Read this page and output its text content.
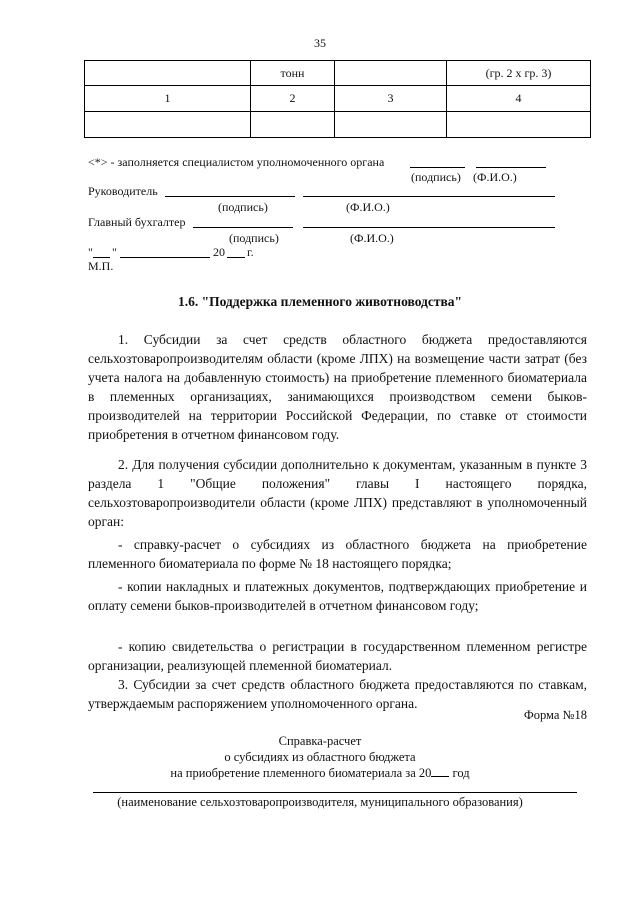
35
	тонн		(гр. 2 х гр. 3)
1	2	3	4

<*> - заполняется специалистом уполномоченного органа
(подпись) (Ф.И.О.)
Руководитель
(подпись)	(Ф.И.О.)
Главный бухгалтер
(подпись)	(Ф.И.О.)
" "	20 г.
М.П.
1.6. "Поддержка племенного животноводства"
1. Субсидии за счет средств областного бюджета предоставляются сельхозтоваропроизводителям области (кроме ЛПХ) на возмещение части затрат (без учета налога на добавленную стоимость) на приобретение племенного биоматериала в племенных организациях, занимающихся производством семени быков-производителей на территории Российской Федерации, по ставке от стоимости приобретения в отчетном финансовом году.
2. Для получения субсидии дополнительно к документам, указанным в пункте 3 раздела 1 "Общие положения" главы I настоящего порядка, сельхозтоваропроизводители области (кроме ЛПХ) представляют в уполномоченный орган:
- справку-расчет о субсидиях из областного бюджета на приобретение племенного биоматериала по форме № 18 настоящего порядка;
- копии накладных и платежных документов, подтверждающих приобретение и оплату семени быков-производителей в отчетном финансовом году;
- копию свидетельства о регистрации в государственном племенном регистре организации, реализующей племенной биоматериал.
3. Субсидии за счет средств областного бюджета предоставляются по ставкам, утверждаемым распоряжением уполномоченного органа.
Форма №18
Справка-расчет
о субсидиях из областного бюджета
на приобретение племенного биоматериала за 20 год
(наименование сельхозтоваропроизводителя, муниципального образования)
